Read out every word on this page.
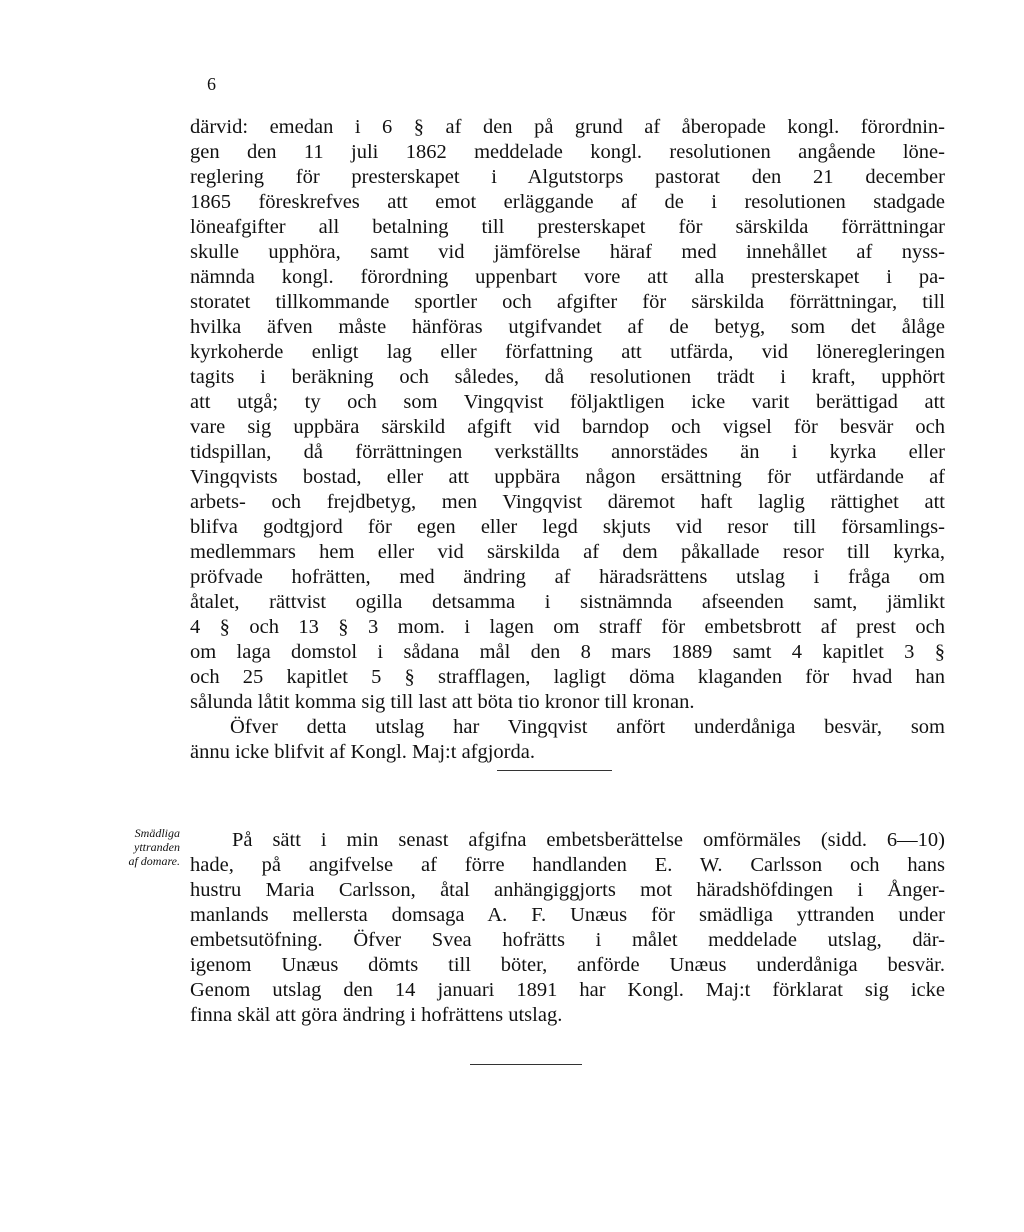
6
därvid: emedan i 6 § af den på grund af åberopade kongl. förordnin-
gen den 11 juli 1862 meddelade kongl. resolutionen angående löne-
reglering för presterskapet i Algutstorps pastorat den 21 december
1865 föreskrefves att emot erläggande af de i resolutionen stadgade
löneafgifter all betalning till presterskapet för särskilda förrättningar
skulle upphöra, samt vid jämförelse häraf med innehållet af nyss-
nämnda kongl. förordning uppenbart vore att alla presterskapet i pa-
storatet tillkommande sportler och afgifter för särskilda förrättningar, till
hvilka äfven måste hänföras utgifvandet af de betyg, som det ålåge
kyrkoherde enligt lag eller författning att utfärda, vid löneregleringen
tagits i beräkning och således, då resolutionen trädt i kraft, upphört
att utgå; ty och som Vingqvist följaktligen icke varit berättigad att
vare sig uppbära särskild afgift vid barndop och vigsel för besvär och
tidspillan, då förrättningen verkställts annorstädes än i kyrka eller
Vingqvists bostad, eller att uppbära någon ersättning för utfärdande af
arbets- och frejdbetyg, men Vingqvist däremot haft laglig rättighet att
blifva godtgjord för egen eller legd skjuts vid resor till församlings-
medlemmars hem eller vid särskilda af dem påkallade resor till kyrka,
pröfvade hofrätten, med ändring af häradsrättens utslag i fråga om
åtalet, rättvist ogilla detsamma i sistnämnda afseenden samt, jämlikt
4 § och 13 § 3 mom. i lagen om straff för embetsbrott af prest och
om laga domstol i sådana mål den 8 mars 1889 samt 4 kapitlet 3 §
och 25 kapitlet 5 § strafflagen, lagligt döma klaganden för hvad han
sålunda låtit komma sig till last att böta tio kronor till kronan.
Öfver detta utslag har Vingqvist anfört underdåniga besvär, som
ännu icke blifvit af Kongl. Maj:t afgjorda.
Smädliga
yttranden
af domare.
På sätt i min senast afgifna embetsberättelse omförmäles (sidd. 6—10)
hade, på angifvelse af förre handlanden E. W. Carlsson och hans
hustru Maria Carlsson, åtal anhängiggjorts mot häradshöfdingen i Ånger-
manlands mellersta domsaga A. F. Unæus för smädliga yttranden under
embetsutöfning. Öfver Svea hofrätts i målet meddelade utslag, där-
igenom Unæus dömts till böter, anförde Unæus underdåniga besvär.
Genom utslag den 14 januari 1891 har Kongl. Maj:t förklarat sig icke
finna skäl att göra ändring i hofrättens utslag.
